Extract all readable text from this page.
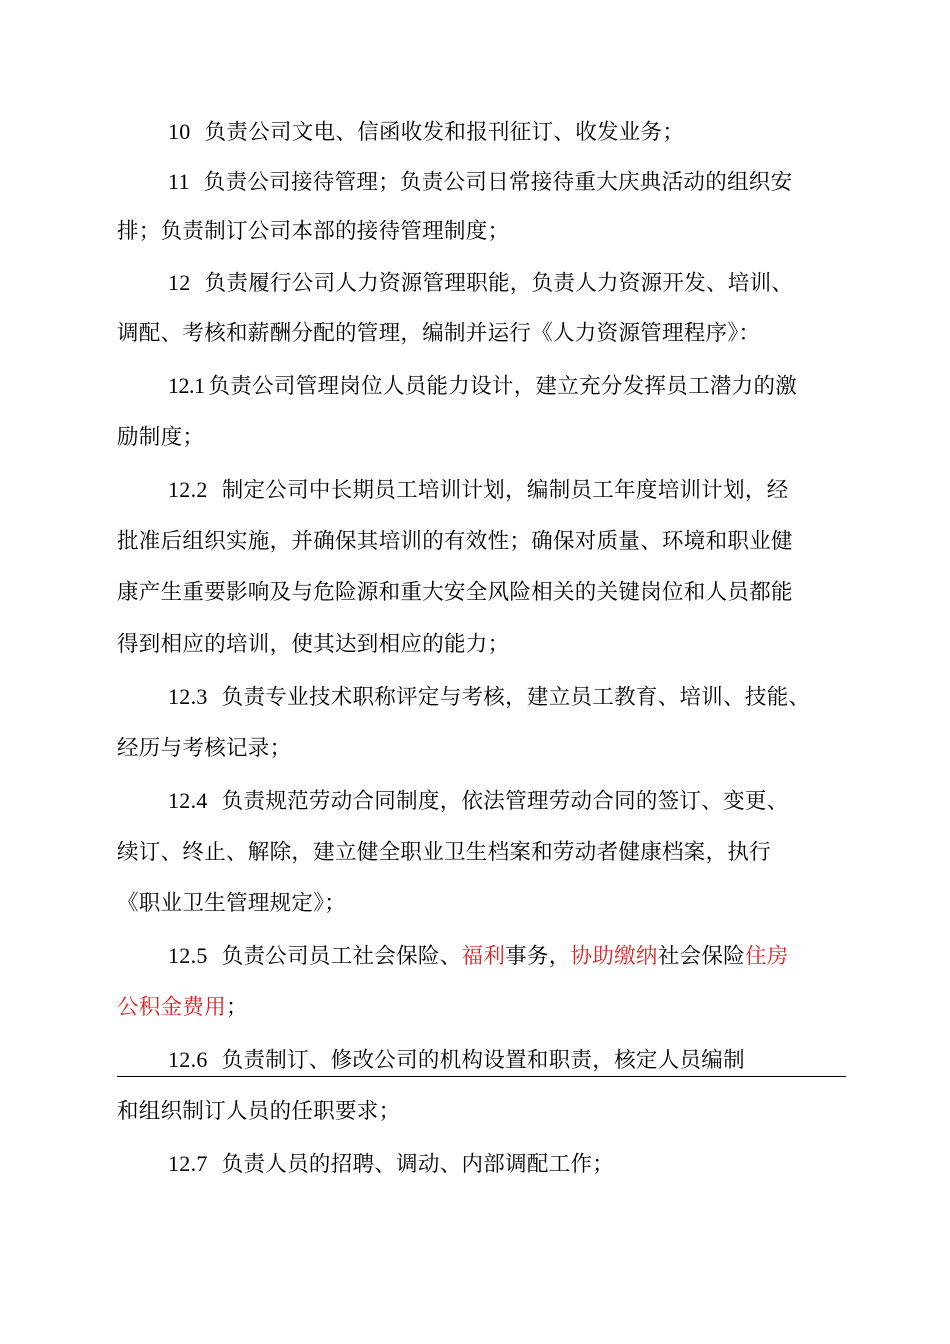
10 负责公司文电、信函收发和报刊征订、收发业务；
11 负责公司接待管理；负责公司日常接待重大庆典活动的组织安
排；负责制订公司本部的接待管理制度；
12 负责履行公司人力资源管理职能，负责人力资源开发、培训、
调配、考核和薪酬分配的管理，编制并运行《人力资源管理程序》：
12.1 负责公司管理岗位人员能力设计，建立充分发挥员工潜力的激
励制度；
12.2 制定公司中长期员工培训计划，编制员工年度培训计划，经
批准后组织实施，并确保其培训的有效性；确保对质量、环境和职业健
康产生重要影响及与危险源和重大安全风险相关的关键岗位和人员都能
得到相应的培训，使其达到相应的能力；
12.3 负责专业技术职称评定与考核，建立员工教育、培训、技能、
经历与考核记录；
12.4 负责规范劳动合同制度，依法管理劳动合同的签订、变更、
续订、终止、解除，建立健全职业卫生档案和劳动者健康档案，执行
《职业卫生管理规定》；
12.5 负责公司员工社会保险、福利事务，协助缴纳社会保险住房
公积金费用；
12.6 负责制订、修改公司的机构设置和职责，核定人员编制
和组织制订人员的任职要求；
12.7 负责人员的招聘、调动、内部调配工作；
